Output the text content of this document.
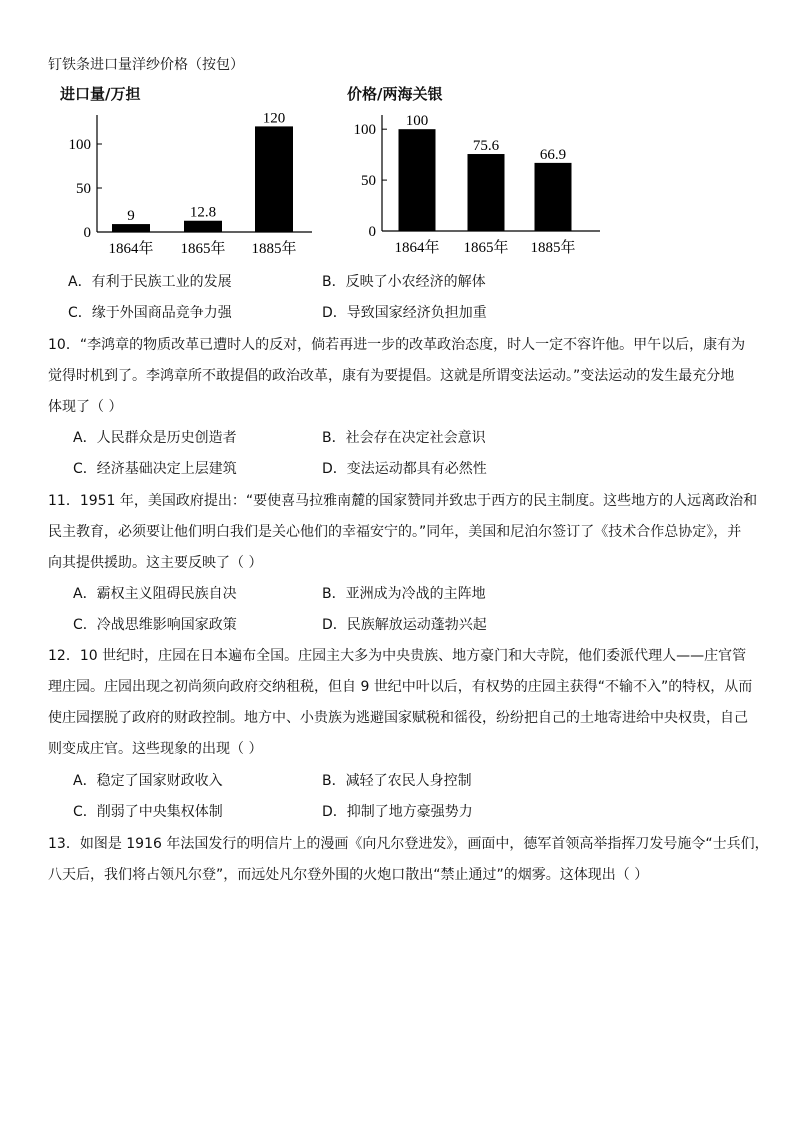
钉铁条进口量洋纱价格（按包）
进口量/万担	价格/两海关银
0
50
100
9	12.8
120
1864年 1865年 1885年
0
50
100
100
75.6
66.9
1864年 1865年 1885年
A．有利于民族工业的发展	B．反映了小农经济的解体
C．缘于外国商品竞争力强	D．导致国家经济负担加重
10．“李鸿章的物质改革已遭时人的反对，倘若再进一步的改革政治态度，时人一定不容许他。甲午以后，康有为
觉得时机到了。李鸿章所不敢提倡的政治改革，康有为要提倡。这就是所谓变法运动。”变法运动的发生最充分地
体现了（ ）
A．人民群众是历史创造者	B．社会存在决定社会意识
C．经济基础决定上层建筑	D．变法运动都具有必然性
11．1951 年，美国政府提出：“要使喜马拉雅南麓的国家赞同并致忠于西方的民主制度。这些地方的人远离政治和
民主教育，必须要让他们明白我们是关心他们的幸福安宁的。”同年，美国和尼泊尔签订了《技术合作总协定》，并
向其提供援助。这主要反映了（ ）
A．霸权主义阻碍民族自决	B．亚洲成为冷战的主阵地
C．冷战思维影响国家政策	D．民族解放运动蓬勃兴起
12．10 世纪时，庄园在日本遍布全国。庄园主大多为中央贵族、地方豪门和大寺院，他们委派代理人——庄官管
理庄园。庄园出现之初尚须向政府交纳租税，但自 9 世纪中叶以后，有权势的庄园主获得“不输不入”的特权，从而
使庄园摆脱了政府的财政控制。地方中、小贵族为逃避国家赋税和徭役，纷纷把自己的土地寄进给中央权贵，自己
则变成庄官。这些现象的出现（ ）
A．稳定了国家财政收入	B．减轻了农民人身控制
C．削弱了中央集权体制	D．抑制了地方豪强势力
13．如图是 1916 年法国发行的明信片上的漫画《向凡尔登进发》，画面中，德军首领高举指挥刀发号施令“士兵们，
八天后，我们将占领凡尔登”，而远处凡尔登外围的火炮口散出“禁止通过”的烟雾。这体现出（ ）
